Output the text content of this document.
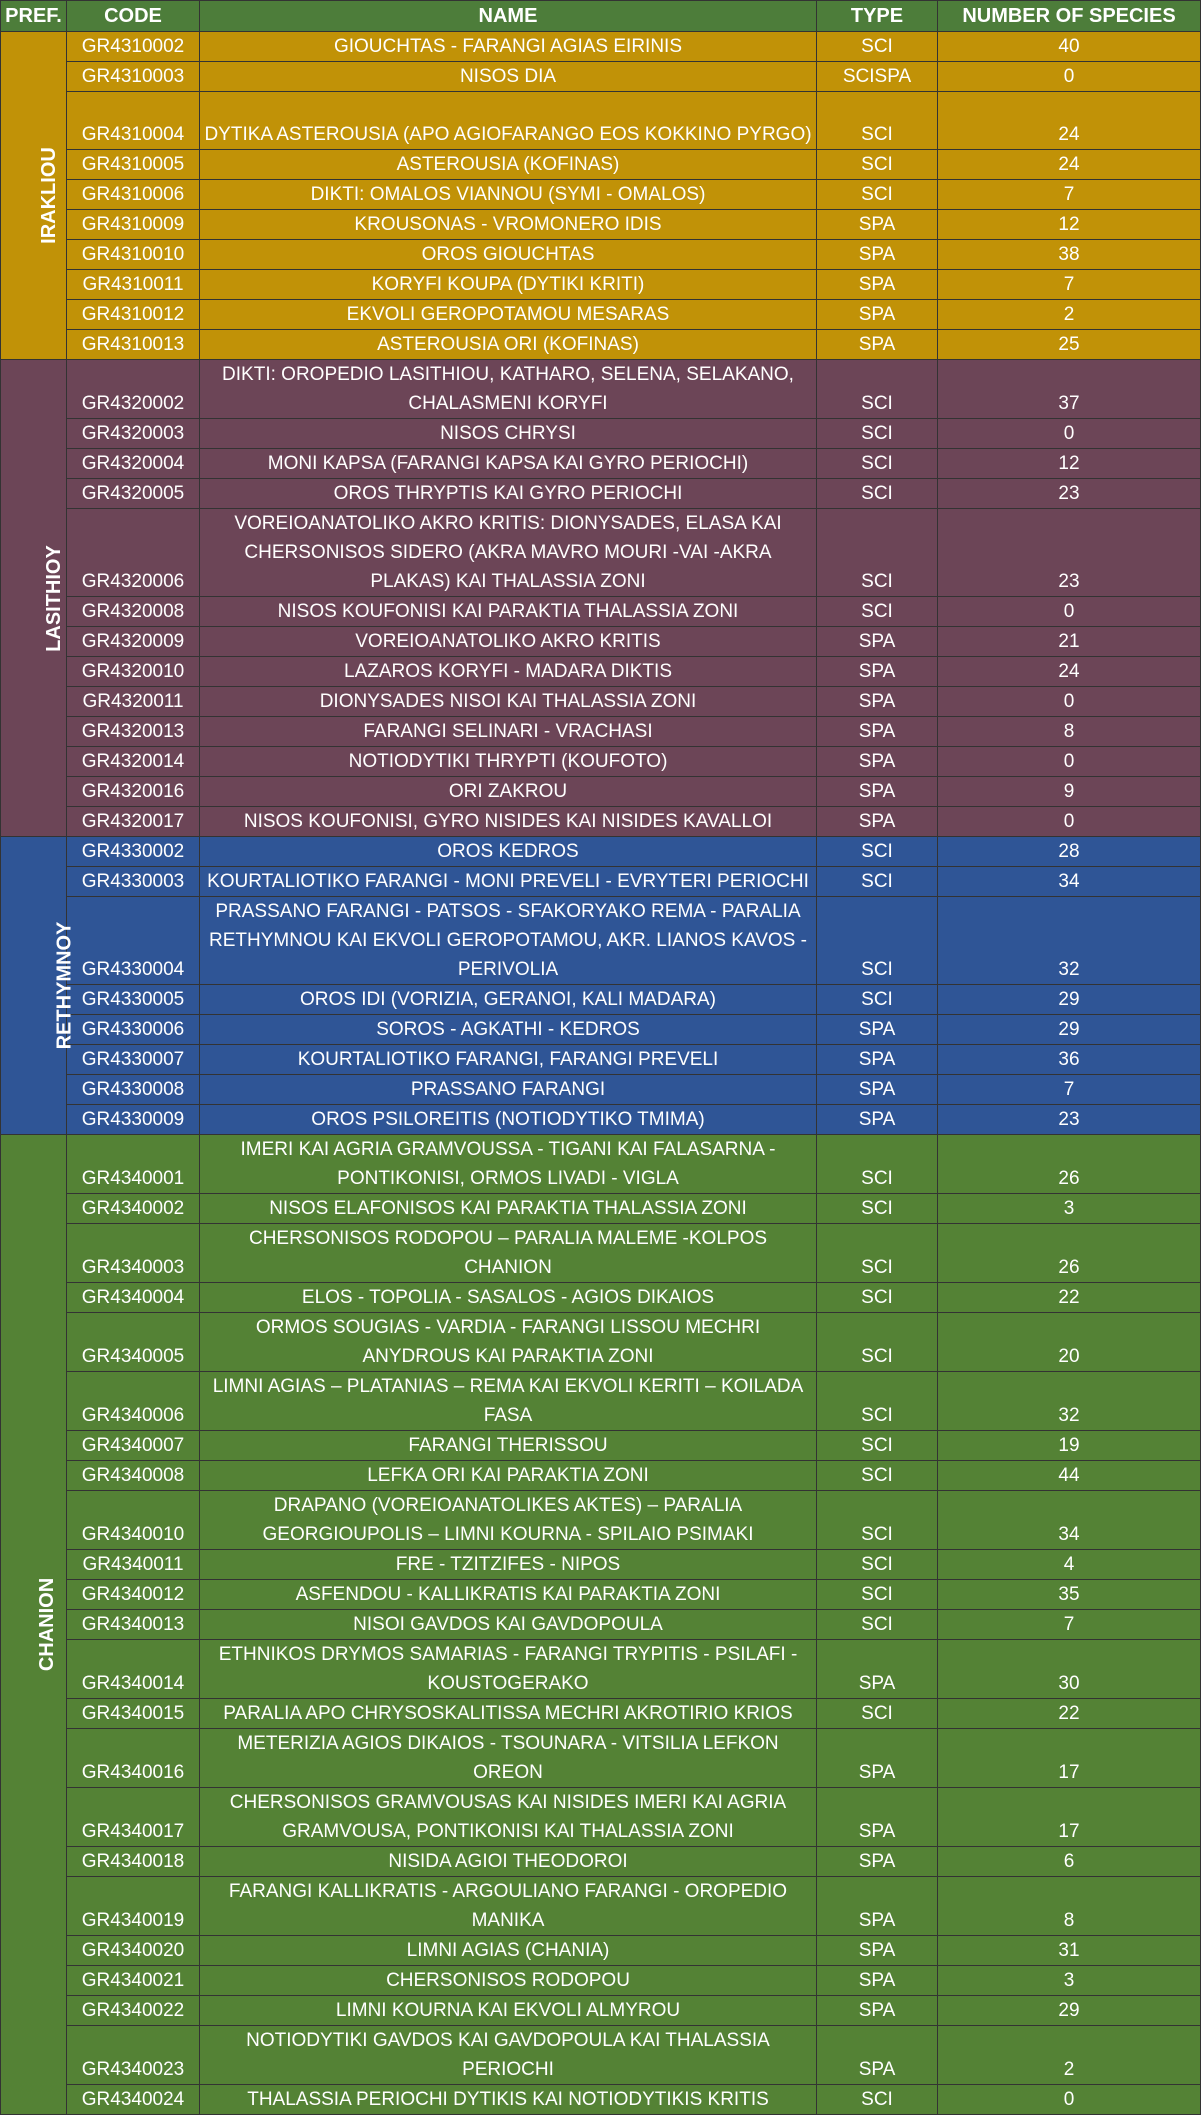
PREF.	CODE	NAME	TYPE	NUMBER OF SPECIES
IRAKLIOU	GR4310002	GIOUCHTAS - FARANGI AGIAS EIRINIS	SCI	40
	GR4310003	NISOS DIA	SCISPA	0
	GR4310004	DYTIKA ASTEROUSIA (APO AGIOFARANGO EOS KOKKINO PYRGO)	SCI	24
	GR4310005	ASTEROUSIA (KOFINAS)	SCI	24
	GR4310006	DIKTI: OMALOS VIANNOU (SYMI - OMALOS)	SCI	7
	GR4310009	KROUSONAS - VROMONERO IDIS	SPA	12
	GR4310010	OROS GIOUCHTAS	SPA	38
	GR4310011	KORYFI KOUPA (DYTIKI KRITI)	SPA	7
	GR4310012	EKVOLI GEROPOTAMOU MESARAS	SPA	2
	GR4310013	ASTEROUSIA ORI (KOFINAS)	SPA	25
LASITHIOY	GR4320002	DIKTI: OROPEDIO LASITHIOU, KATHARO, SELENA, SELAKANO, CHALASMENI KORYFI	SCI	37
	GR4320003	NISOS CHRYSI	SCI	0
	GR4320004	MONI KAPSA (FARANGI KAPSA KAI GYRO PERIOCHI)	SCI	12
	GR4320005	OROS THRYPTIS KAI GYRO PERIOCHI	SCI	23
	GR4320006	VOREIOANATOLIKO AKRO KRITIS: DIONYSADES, ELASA KAI CHERSONISOS SIDERO (AKRA MAVRO MOURI -VAI -AKRA PLAKAS) KAI THALASSIA ZONI	SCI	23
	GR4320008	NISOS KOUFONISI KAI PARAKTIA THALASSIA ZONI	SCI	0
	GR4320009	VOREIOANATOLIKO AKRO KRITIS	SPA	21
	GR4320010	LAZAROS KORYFI - MADARA DIKTIS	SPA	24
	GR4320011	DIONYSADES NISOI KAI THALASSIA ZONI	SPA	0
	GR4320013	FARANGI SELINARI - VRACHASI	SPA	8
	GR4320014	NOTIODYTIKI THRYPTI (KOUFOTO)	SPA	0
	GR4320016	ORI ZAKROU	SPA	9
	GR4320017	NISOS KOUFONISI, GYRO NISIDES KAI NISIDES KAVALLOI	SPA	0
RETHYMNOY	GR4330002	OROS KEDROS	SCI	28
	GR4330003	KOURTALIOTIKO FARANGI - MONI PREVELI - EVRYTERI PERIOCHI	SCI	34
	GR4330004	PRASSANO FARANGI - PATSOS - SFAKORYAKO REMA - PARALIA RETHYMNOU KAI EKVOLI GEROPOTAMOU, AKR. LIANOS KAVOS - PERIVOLIA	SCI	32
	GR4330005	OROS IDI (VORIZIA, GERANOI, KALI MADARA)	SCI	29
	GR4330006	SOROS - AGKATHI - KEDROS	SPA	29
	GR4330007	KOURTALIOTIKO FARANGI, FARANGI PREVELI	SPA	36
	GR4330008	PRASSANO FARANGI	SPA	7
	GR4330009	OROS PSILOREITIS (NOTIODYTIKO TMIMA)	SPA	23
CHANION	GR4340001	IMERI KAI AGRIA GRAMVOUSSA - TIGANI KAI FALASARNA - PONTIKONISI, ORMOS LIVADI - VIGLA	SCI	26
	GR4340002	NISOS ELAFONISOS KAI PARAKTIA THALASSIA ZONI	SCI	3
	GR4340003	CHERSONISOS RODOPOU – PARALIA MALEME -KOLPOS CHANION	SCI	26
	GR4340004	ELOS - TOPOLIA - SASALOS - AGIOS DIKAIOS	SCI	22
	GR4340005	ORMOS SOUGIAS - VARDIA - FARANGI LISSOU MECHRI ANYDROUS KAI PARAKTIA ZONI	SCI	20
	GR4340006	LIMNI AGIAS – PLATANIAS – REMA KAI EKVOLI KERITI – KOILADA FASA	SCI	32
	GR4340007	FARANGI THERISSOU	SCI	19
	GR4340008	LEFKA ORI KAI PARAKTIA ZONI	SCI	44
	GR4340010	DRAPANO (VOREIOANATOLIKES AKTES) – PARALIA GEORGIOUPOLIS – LIMNI KOURNA - SPILAIO PSIMAKI	SCI	34
	GR4340011	FRE - TZITZIFES - NIPOS	SCI	4
	GR4340012	ASFENDOU - KALLIKRATIS KAI PARAKTIA ZONI	SCI	35
	GR4340013	NISOI GAVDOS KAI GAVDOPOULA	SCI	7
	GR4340014	ETHNIKOS DRYMOS SAMARIAS - FARANGI TRYPITIS - PSILAFI - KOUSTOGERAKO	SPA	30
	GR4340015	PARALIA APO CHRYSOSKALITISSA MECHRI AKROTIRIO KRIOS	SCI	22
	GR4340016	METERIZIA AGIOS DIKAIOS - TSOUNARA - VITSILIA LEFKON OREON	SPA	17
	GR4340017	CHERSONISOS GRAMVOUSAS KAI NISIDES IMERI KAI AGRIA GRAMVOUSA, PONTIKONISI KAI THALASSIA ZONI	SPA	17
	GR4340018	NISIDA AGIOI THEODOROI	SPA	6
	GR4340019	FARANGI KALLIKRATIS - ARGOULIANO FARANGI - OROPEDIO MANIKA	SPA	8
	GR4340020	LIMNI AGIAS (CHANIA)	SPA	31
	GR4340021	CHERSONISOS RODOPOU	SPA	3
	GR4340022	LIMNI KOURNA KAI EKVOLI ALMYROU	SPA	29
	GR4340023	NOTIODYTIKI GAVDOS KAI GAVDOPOULA KAI THALASSIA PERIOCHI	SPA	2
	GR4340024	THALASSIA PERIOCHI DYTIKIS KAI NOTIODYTIKIS KRITIS	SCI	0
